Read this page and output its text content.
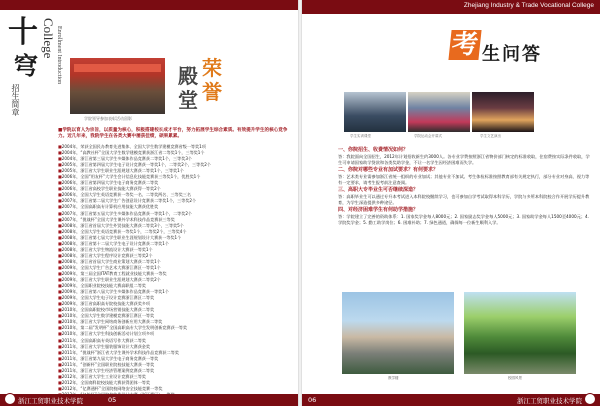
十
穹
College Enrollment Introduction
招生简章
学院领导参加表彰活动留影
殿 荣
堂 誉
■学院以育人为宗旨，以质量为核心，积极搭建校长成才平台，努力拓展学生综合素质。有效提升学生的核心竞争力。近几年来，我院学生在各类大赛中屡获佳绩，硕果累累。
■2004年，荣获全国民办教育先进集体、全国大学生数学建模竞赛省级一等奖1项
■2004年，“高教社杯”全国大学生数学建模竞赛获浙江省二等奖1个，三等奖1个
■2004年，浙江省第三届大学生多媒体作品竞赛获二等奖1个，三等奖3个
■2005年，浙江省第四届大学生电子设计竞赛获一等奖1个，二等奖2个，三等奖2个
■2005年，浙江省大学生职业生涯规划大赛获二等奖1个，三等奖1个
■2006年，全国“用友杯”大学生会计信息化技能竞赛获三等奖1个，优胜奖1个
■2006年，浙江省第四届大学生电子商务竞赛获二等奖
■2006年，浙江省高校学生职业技能大赛获得一等奖2个
■2006年，全国大学生英语竞赛获一等奖一名、二等奖两名、三等奖三名
■2007年，浙江省第二届大学生广告创意设计竞赛获二等奖1个，三等奖2个
■2007年，全国高职高专计算机应用技能大赛获优胜奖
■2007年，浙江省第五届大学生多媒体作品竞赛获一等奖1个，二等奖2个
■2007年，“挑战杯”全国大学生课外学术科技作品竞赛获三等奖
■2008年，浙江省首届大学生外贸技能大赛获二等奖3个，三等奖5个
■2008年，全国大学生英语竞赛获一等奖1个，二等奖2个，三等奖4个
■2008年，浙江省第七届大学生职业生涯规划设计大赛获一等奖1个
■2008年，浙江省第十二届大学生电子设计竞赛获二等奖1个
■2008年，浙江省大学生物流设计大赛获一等奖1个
■2008年，浙江省大学生程序设计竞赛获三等奖2个
■2008年，浙江省首届大学生商业策划大赛获二等奖1个
■2009年，全国大学生广告艺术大赛浙江赛区一等奖1个
■2009年，第三届全国ITAT教育工程就业技能大赛获一等奖
■2009年，浙江省大学生职业生涯规划大赛获二等奖2个
■2009年，全国职业院校技能大赛高职组二等奖
■2009年，浙江省第八届大学生多媒体作品竞赛获一等奖1个
■2009年，全国大学生电子设计竞赛浙江赛区二等奖
■2009年，浙江省高职高专院校技能大赛获奖多项
■2010年，全国高职院校市场营销技能大赛获二等奖
■2010年，全国大学生数学建模竞赛浙江赛区一等奖
■2010年，浙江省大学生网络商务创新应用大赛获二等奖
■2010年，第二届“发明杯”全国高职高专大学生发明创新竞赛获一等奖
■2010年，浙江省大学生科技创新活动计划立项多项
■2011年，全国高职高专英语写作大赛获二等奖
■2011年，浙江省大学生服装服饰设计大赛获金奖
■2011年，“挑战杯”浙江省大学生课外学术科技作品竞赛获二等奖
■2011年，浙江省第九届大学生电子商务竞赛获一等奖
■2011年，“创新杯”全国职业院校技能大赛获一等奖
■2011年，浙江省大学生经济管理案例竞赛获二等奖
■2012年，浙江省大学生工业设计竞赛获三等奖
■2012年，全国商科院校技能大赛获得团体一等奖
■2012年，“亿赛通杯”全国院校网络安全技能竞赛一等奖
浙江工贸职业技术学院	05
Zhejiang Industry & Trade Vocational College
考 生问答
学生实训课堂	学院运动会开幕式	学生文艺演出
一、你院招生、收费情况如何？
答：我院面向全国招生，2012年计划招收新生约3000人。各专业学费按照浙江省物价部门核定的标准收取，住宿费按实际条件收取，学生可申请国家助学贷款和各类奖助学金，不让一名学生因经济困难而失学。
二、你院对哪些专业有加试要求？有何要求？
答：艺术类专业需参加浙江省统一组织的专业加试；其他专业不加试。考生体检标准按照教育部有关规定执行，部分专业对身高、视力等有一定要求，请考生报考前注意查阅。
三、高职大专毕业生可否继续深造？
答：高职毕业生可以通过专升本考试进入本科院校继续学习，也可参加自学考试取得本科学历，学院与多所本科院校合作开展学历提升教育，为学生深造提供多种途径。
四、对经济困难学生有何助学措施？
答：学院建立了完善的资助体系：1. 国家奖学金每人8000元；2. 国家励志奖学金每人5000元；3. 国家助学金每人1500至4000元；4. 学院奖学金；5. 勤工助学岗位；6. 困难补助；7. 绿色通道，确保每一位新生顺利入学。
教学楼	校园风景
06	浙江工贸职业技术学院
